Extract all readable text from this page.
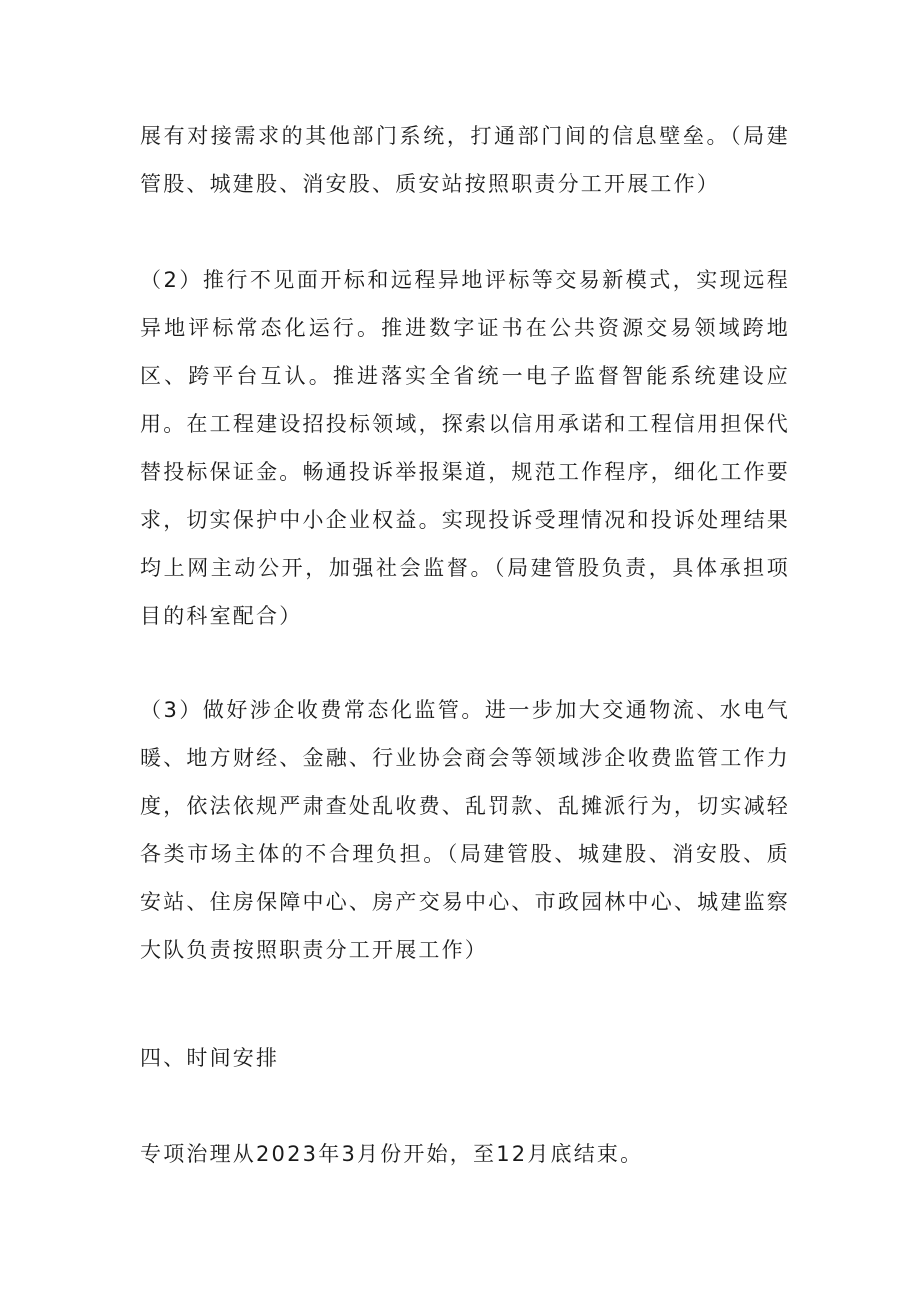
展有对接需求的其他部门系统，打通部门间的信息壁垒。（局建管股、城建股、消安股、质安站按照职责分工开展工作）

（2）推行不见面开标和远程异地评标等交易新模式，实现远程异地评标常态化运行。推进数字证书在公共资源交易领域跨地区、跨平台互认。推进落实全省统一电子监督智能系统建设应用。在工程建设招投标领域，探索以信用承诺和工程信用担保代替投标保证金。畅通投诉举报渠道，规范工作程序，细化工作要求，切实保护中小企业权益。实现投诉受理情况和投诉处理结果均上网主动公开，加强社会监督。（局建管股负责，具体承担项目的科室配合）

（3）做好涉企收费常态化监管。进一步加大交通物流、水电气暖、地方财经、金融、行业协会商会等领域涉企收费监管工作力度，依法依规严肃查处乱收费、乱罚款、乱摊派行为，切实减轻各类市场主体的不合理负担。（局建管股、城建股、消安股、质安站、住房保障中心、房产交易中心、市政园林中心、城建监察大队负责按照职责分工开展工作）

四、时间安排

专项治理从2023年3月份开始，至12月底结束。
